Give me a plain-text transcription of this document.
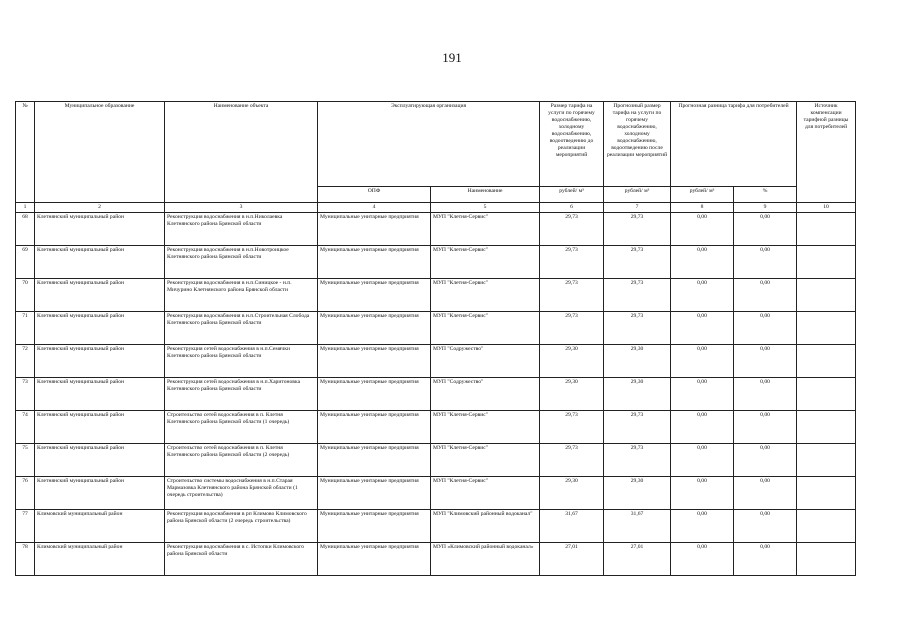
191
№	Муниципальное образование	Наименование объекта	Эксплуатирующая организация		Размер тарифа на услуги по горячему водоснабжению, холодному водоснабжению, водоотведению до реализации мероприятий	Прогнозный размер тарифа на услуги по горячему водоснабжению, холодному водоснабжению, водоотведению после реализации мероприятий	Прогнозная разница тарифа для потребителей		Источник компенсации тарифной разницы для потребителей
			ОПФ	Наименование	рублей/ м³	рублей/ м³	рублей/ м³	%	
1	2	3	4	5	6	7	8	9	10
68	Клетнянский муниципальный район	Реконструкция водоснабжения в н.п.Николаевка Клетнянского района Брянской области	Муниципальные унитарные предприятия	МУП "Клетня-Сервис"	29,73	29,73	0,00	0,00	
69	Клетнянский муниципальный район	Реконструкция водоснабжения в н.п.Новотроицкое Клетнянского района Брянской области	Муниципальные унитарные предприятия	МУП "Клетня-Сервис"	29,73	29,73	0,00	0,00	
70	Клетнянский муниципальный район	Реконструкция водоснабжения в н.п.Синицкое - н.п. Мичурино Клетнянского района Брянской области	Муниципальные унитарные предприятия	МУП "Клетня-Сервис"	29,73	29,73	0,00	0,00	
71	Клетнянский муниципальный район	Реконструкция водоснабжения в н.п.Строительная Слобода Клетнянского района Брянской области	Муниципальные унитарные предприятия	МУП "Клетня-Сервис"	29,73	29,73	0,00	0,00	
72	Клетнянский муниципальный район	Реконструкция сетей водоснабжения в н.п.Семячки Клетнянского района Брянской области	Муниципальные унитарные предприятия	МУП "Содружество"	29,30	29,30	0,00	0,00	
73	Клетнянский муниципальный район	Реконструкция сетей водоснабжения в н.п.Харитоновка Клетнянского района Брянской области	Муниципальные унитарные предприятия	МУП "Содружество"	29,30	29,30	0,00	0,00	
74	Клетнянский муниципальный район	Строительство сетей водоснабжения в п. Клетня Клетнянского района Брянской области (1 очередь)	Муниципальные унитарные предприятия	МУП "Клетня-Сервис"	29,73	29,73	0,00	0,00	
75	Клетнянский муниципальный район	Строительство сетей водоснабжения в п. Клетня Клетнянского района Брянской области (2 очередь)	Муниципальные унитарные предприятия	МУП "Клетня-Сервис"	29,73	29,73	0,00	0,00	
76	Клетнянский муниципальный район	Строительство системы водоснабжения в н.п.Старая Мармазовка Клетнянского района Брянской области (1 очередь строительства)	Муниципальные унитарные предприятия	МУП "Клетня-Сервис"	29,30	29,30	0,00	0,00	
77	Климовский муниципальный район	Реконструкция водоснабжения в рп Климово Климовского района Брянской области (2 очередь строительства)	Муниципальные унитарные предприятия	МУП "Климовский районный водоканал"	31,67	31,67	0,00	0,00	
78	Климовский муниципальный район	Реконструкция водоснабжения в с. Истопки Климовского района Брянской области	Муниципальные унитарные предприятия	МУП «Климовский районный водоканал»	27,01	27,01	0,00	0,00	
